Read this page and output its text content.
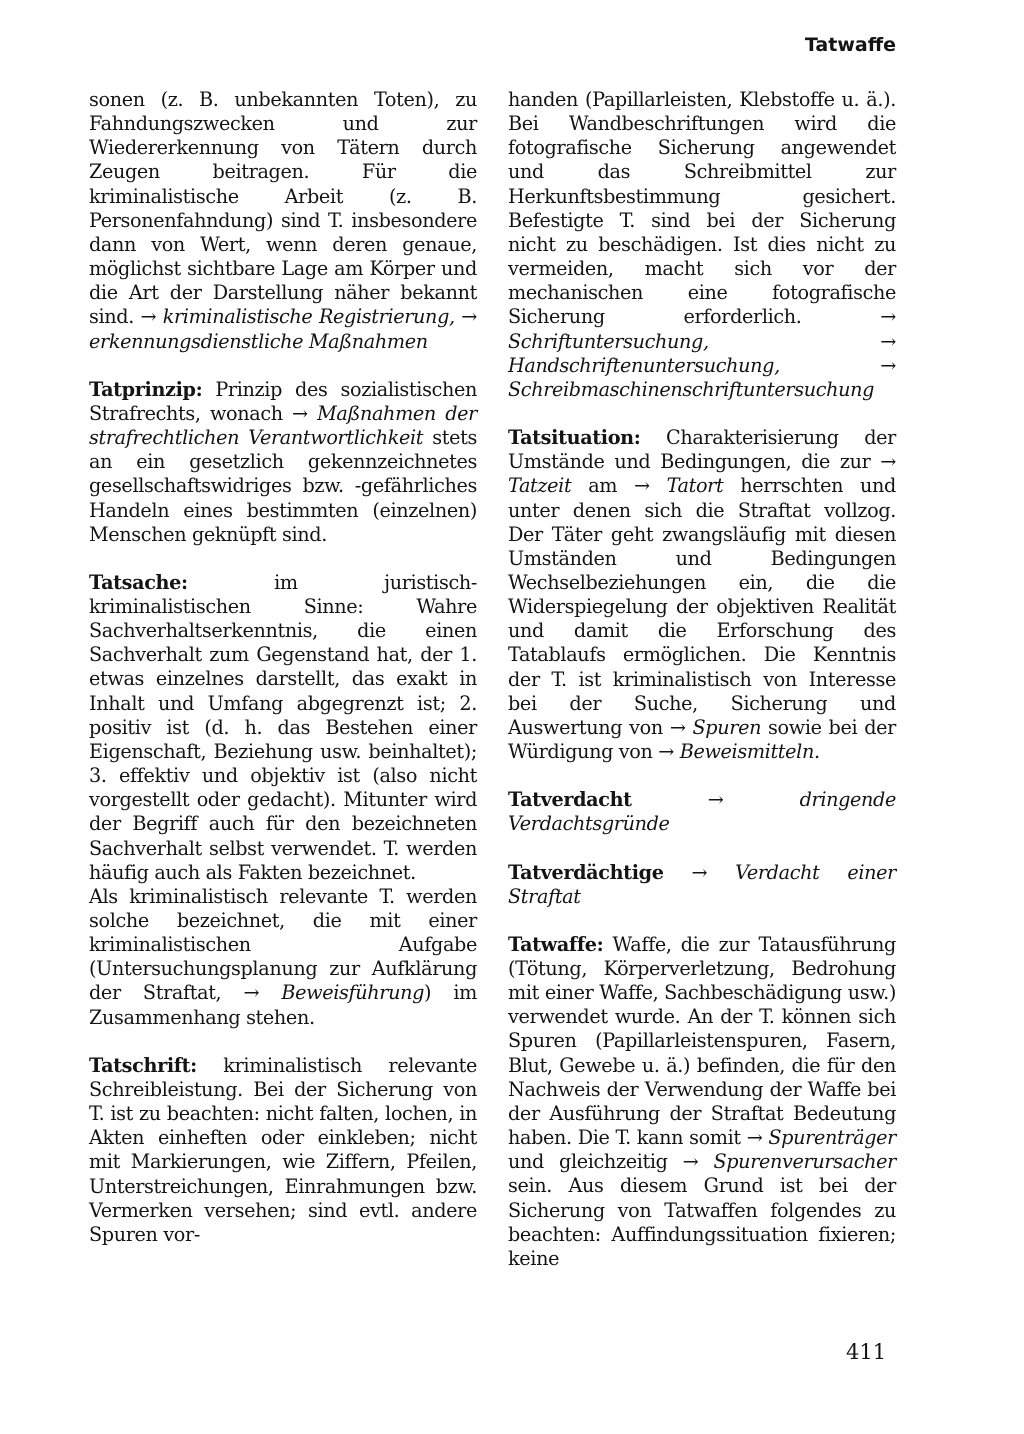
Tatwaffe

sonen (z. B. unbekannten Toten), zu Fahndungszwecken und zur Wiedererkennung von Tätern durch Zeugen beitragen. Für die kriminalistische Arbeit (z. B. Personenfahndung) sind T. insbesondere dann von Wert, wenn deren genaue, möglichst sichtbare Lage am Körper und die Art der Darstellung näher bekannt sind. → kriminalistische Registrierung, → erkennungsdienstliche Maßnahmen

Tatprinzip: Prinzip des sozialistischen Strafrechts, wonach → Maßnahmen der strafrechtlichen Verantwortlichkeit stets an ein gesetzlich gekennzeichnetes gesellschaftswidriges bzw. -gefährliches Handeln eines bestimmten (einzelnen) Menschen geknüpft sind.

Tatsache: im juristisch-kriminalistischen Sinne: Wahre Sachverhaltserkenntnis, die einen Sachverhalt zum Gegenstand hat, der 1. etwas einzelnes darstellt, das exakt in Inhalt und Umfang abgegrenzt ist; 2. positiv ist (d. h. das Bestehen einer Eigenschaft, Beziehung usw. beinhaltet); 3. effektiv und objektiv ist (also nicht vorgestellt oder gedacht). Mitunter wird der Begriff auch für den bezeichneten Sachverhalt selbst verwendet. T. werden häufig auch als Fakten bezeichnet.

Als kriminalistisch relevante T. werden solche bezeichnet, die mit einer kriminalistischen Aufgabe (Untersuchungsplanung zur Aufklärung der Straftat, → Beweisführung) im Zusammenhang stehen.

Tatschrift: kriminalistisch relevante Schreibleistung. Bei der Sicherung von T. ist zu beachten: nicht falten, lochen, in Akten einheften oder einkleben; nicht mit Markierungen, wie Ziffern, Pfeilen, Unterstreichungen, Einrahmungen bzw. Vermerken versehen; sind evtl. andere Spuren vor-

handen (Papillarleisten, Klebstoffe u. ä.). Bei Wandbeschriftungen wird die fotografische Sicherung angewendet und das Schreibmittel zur Herkunftsbestimmung gesichert. Befestigte T. sind bei der Sicherung nicht zu beschädigen. Ist dies nicht zu vermeiden, macht sich vor der mechanischen eine fotografische Sicherung erforderlich. → Schriftuntersuchung, → Handschriftenuntersuchung, → Schreibmaschinenschriftuntersuchung

Tatsituation: Charakterisierung der Umstände und Bedingungen, die zur → Tatzeit am → Tatort herrschten und unter denen sich die Straftat vollzog. Der Täter geht zwangsläufig mit diesen Umständen und Bedingungen Wechselbeziehungen ein, die die Widerspiegelung der objektiven Realität und damit die Erforschung des Tatablaufs ermöglichen. Die Kenntnis der T. ist kriminalistisch von Interesse bei der Suche, Sicherung und Auswertung von → Spuren sowie bei der Würdigung von → Beweismitteln.

Tatverdacht → dringende Verdachtsgründe

Tatverdächtige → Verdacht einer Straftat

Tatwaffe: Waffe, die zur Tatausführung (Tötung, Körperverletzung, Bedrohung mit einer Waffe, Sachbeschädigung usw.) verwendet wurde. An der T. können sich Spuren (Papillarleistenspuren, Fasern, Blut, Gewebe u. ä.) befinden, die für den Nachweis der Verwendung der Waffe bei der Ausführung der Straftat Bedeutung haben. Die T. kann somit → Spurenträger und gleichzeitig → Spurenverursacher sein. Aus diesem Grund ist bei der Sicherung von Tatwaffen folgendes zu beachten: Auffindungssituation fixieren; keine

411
